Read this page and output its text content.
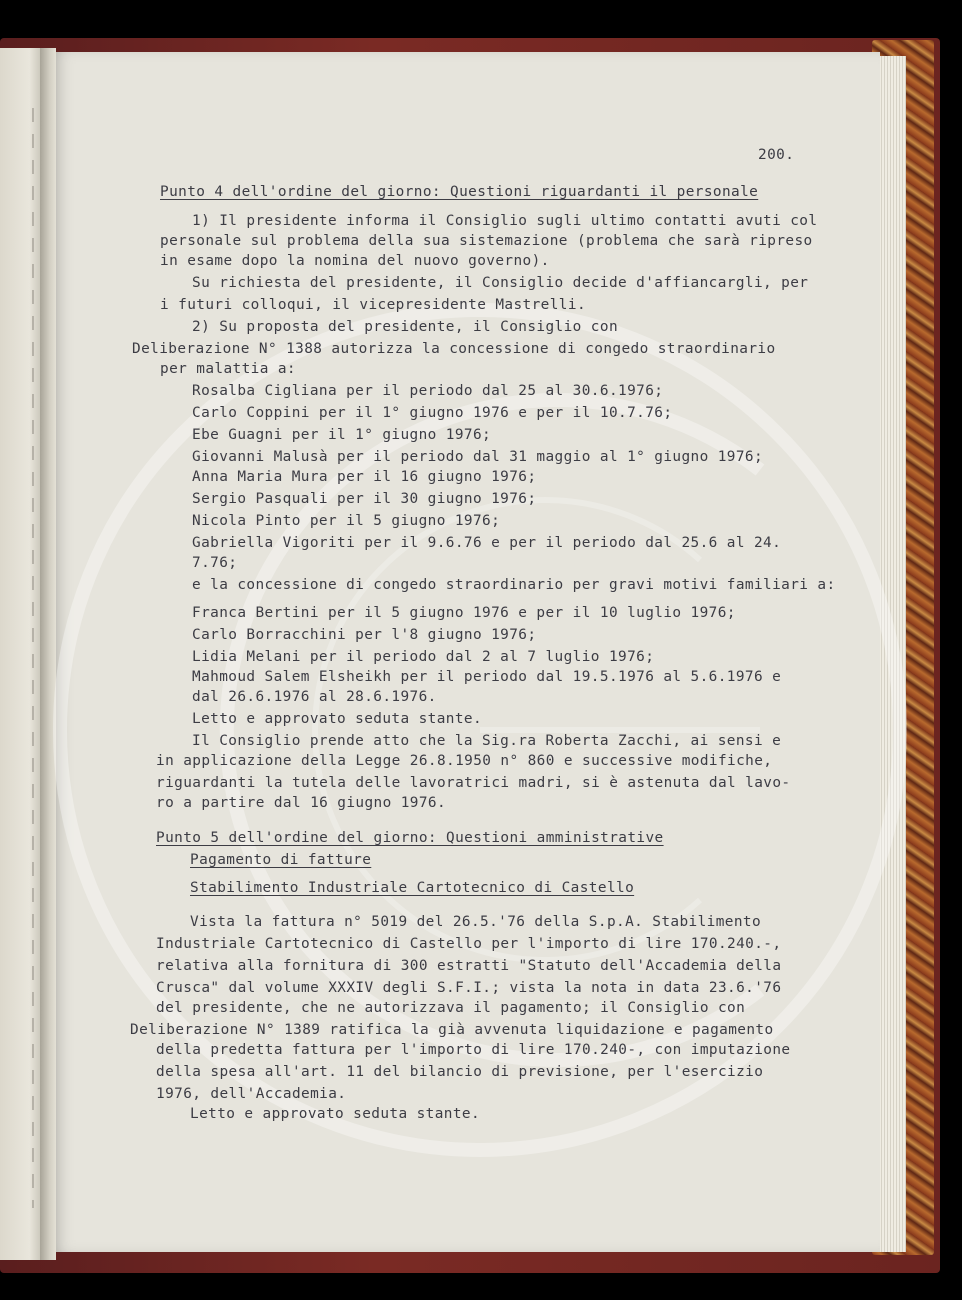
200.

Punto 4 dell'ordine del giorno: Questioni riguardanti il personale

1) Il presidente informa il Consiglio sugli ultimo contatti avuti col

personale sul problema della sua sistemazione (problema che sarà ripreso

in esame dopo la nomina del nuovo governo).

Su richiesta del presidente, il Consiglio decide d'affiancargli, per

i futuri colloqui, il vicepresidente Mastrelli.

2) Su proposta del presidente, il Consiglio con

Deliberazione N° 1388 autorizza la concessione di congedo straordinario

per malattia a:

Rosalba Cigliana per il periodo dal 25 al 30.6.1976;

Carlo Coppini per il 1° giugno 1976 e per il 10.7.76;

Ebe Guagni per il 1° giugno 1976;

Giovanni Malusà per il periodo dal 31 maggio al 1° giugno 1976;

Anna Maria Mura per il 16 giugno 1976;

Sergio Pasquali per il 30 giugno 1976;

Nicola Pinto per il 5 giugno 1976;

Gabriella Vigoriti per il 9.6.76 e per il periodo dal 25.6 al 24.

7.76;

e la concessione di congedo straordinario per gravi motivi familiari a:

Franca Bertini per il 5 giugno 1976 e per il 10 luglio 1976;

Carlo Borracchini per l'8 giugno 1976;

Lidia Melani per il periodo dal 2 al 7 luglio 1976;

Mahmoud Salem Elsheikh per il periodo dal 19.5.1976 al 5.6.1976 e

dal 26.6.1976 al 28.6.1976.

Letto e approvato seduta stante.

Il Consiglio prende atto che la Sig.ra Roberta Zacchi, ai sensi e

in applicazione della Legge 26.8.1950 n° 860 e successive modifiche,

riguardanti la tutela delle lavoratrici madri, si è astenuta dal lavo-

ro a partire dal 16 giugno 1976.

Punto 5 dell'ordine del giorno: Questioni amministrative

Pagamento di fatture

Stabilimento Industriale Cartotecnico di Castello

Vista la fattura n° 5019 del 26.5.'76 della S.p.A. Stabilimento

Industriale Cartotecnico di Castello per l'importo di lire 170.240.-,

relativa alla fornitura di 300 estratti "Statuto dell'Accademia della

Crusca" dal volume XXXIV degli S.F.I.; vista la nota in data 23.6.'76

del presidente, che ne autorizzava il pagamento; il Consiglio con

Deliberazione N° 1389 ratifica la già avvenuta liquidazione e pagamento

della predetta fattura per l'importo di lire 170.240-, con imputazione

della spesa all'art. 11 del bilancio di previsione, per l'esercizio

1976, dell'Accademia.

Letto e approvato seduta stante.
